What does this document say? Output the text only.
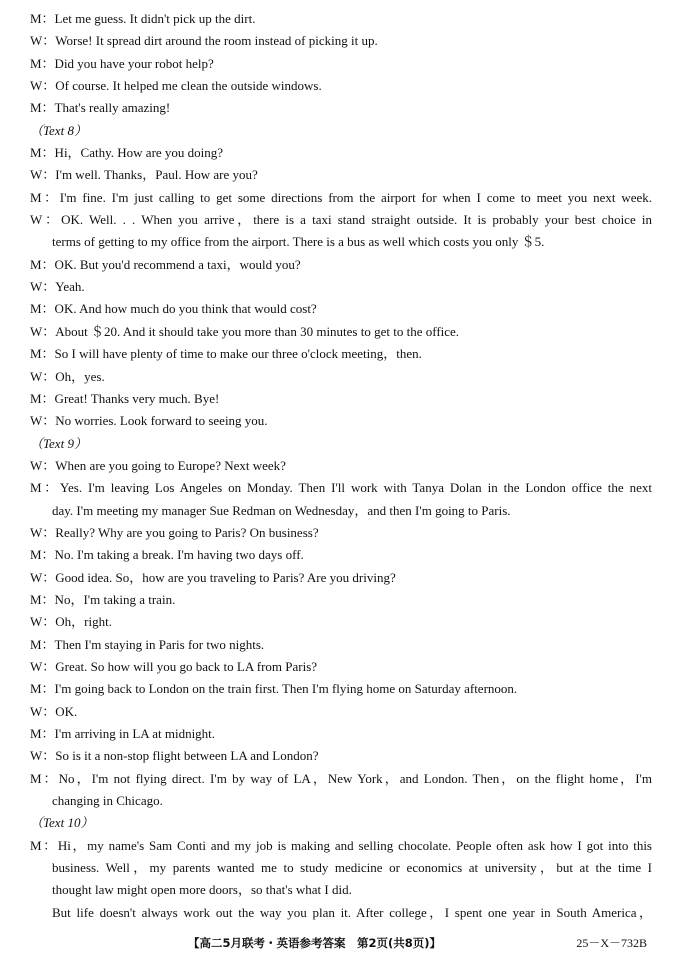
M：Let me guess. It didn't pick up the dirt.
W：Worse! It spread dirt around the room instead of picking it up.
M：Did you have your robot help?
W：Of course. It helped me clean the outside windows.
M：That's really amazing!
（Text 8）
M：Hi，Cathy. How are you doing?
W：I'm well. Thanks，Paul. How are you?
M：I'm fine. I'm just calling to get some directions from the airport for when I come to meet you next week.
W：OK. Well. . . When you arrive，there is a taxi stand straight outside. It is probably your best choice in
terms of getting to my office from the airport. There is a bus as well which costs you only ＄5.
M：OK. But you'd recommend a taxi，would you?
W：Yeah.
M：OK. And how much do you think that would cost?
W：About ＄20. And it should take you more than 30 minutes to get to the office.
M：So I will have plenty of time to make our three o'clock meeting，then.
W：Oh，yes.
M：Great! Thanks very much. Bye!
W：No worries. Look forward to seeing you.
（Text 9）
W：When are you going to Europe? Next week?
M：Yes. I'm leaving Los Angeles on Monday. Then I'll work with Tanya Dolan in the London office the next
day. I'm meeting my manager Sue Redman on Wednesday，and then I'm going to Paris.
W：Really? Why are you going to Paris? On business?
M：No. I'm taking a break. I'm having two days off.
W：Good idea. So，how are you traveling to Paris? Are you driving?
M：No，I'm taking a train.
W：Oh，right.
M：Then I'm staying in Paris for two nights.
W：Great. So how will you go back to LA from Paris?
M：I'm going back to London on the train first. Then I'm flying home on Saturday afternoon.
W：OK.
M：I'm arriving in LA at midnight.
W：So is it a non-stop flight between LA and London?
M：No，I'm not flying direct. I'm by way of LA，New York，and London. Then，on the flight home，I'm
changing in Chicago.
（Text 10）
M：Hi，my name's Sam Conti and my job is making and selling chocolate. People often ask how I got into this
business. Well，my parents wanted me to study medicine or economics at university，but at the time I
thought law might open more doors，so that's what I did.
But life doesn't always work out the way you plan it. After college，I spent one year in South America，
【高二5月联考・英语参考答案　第2页(共8页)】	25－X－732B
